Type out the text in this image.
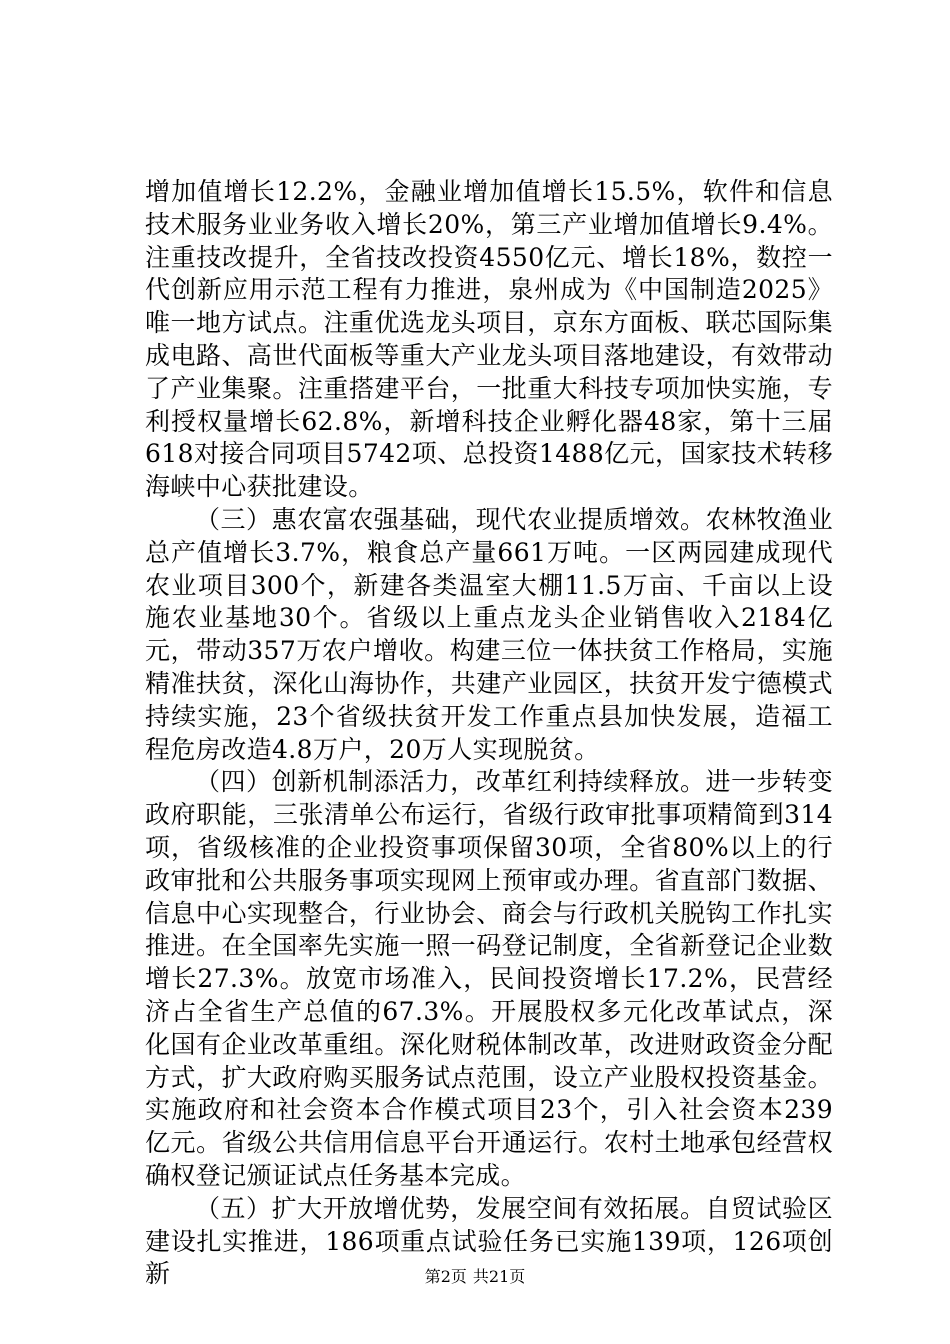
增加值增长12.2%，金融业增加值增长15.5%，软件和信息技术服务业业务收入增长20%，第三产业增加值增长9.4%。注重技改提升，全省技改投资4550亿元、增长18%，数控一代创新应用示范工程有力推进，泉州成为《中国制造2025》唯一地方试点。注重优选龙头项目，京东方面板、联芯国际集成电路、高世代面板等重大产业龙头项目落地建设，有效带动了产业集聚。注重搭建平台，一批重大科技专项加快实施，专利授权量增长62.8%，新增科技企业孵化器48家，第十三届618对接合同项目5742项、总投资1488亿元，国家技术转移海峡中心获批建设。

（三）惠农富农强基础，现代农业提质增效。农林牧渔业总产值增长3.7%，粮食总产量661万吨。一区两园建成现代农业项目300个，新建各类温室大棚11.5万亩、千亩以上设施农业基地30个。省级以上重点龙头企业销售收入2184亿元，带动357万农户增收。构建三位一体扶贫工作格局，实施精准扶贫，深化山海协作，共建产业园区，扶贫开发宁德模式持续实施，23个省级扶贫开发工作重点县加快发展，造福工程危房改造4.8万户，20万人实现脱贫。

（四）创新机制添活力，改革红利持续释放。进一步转变政府职能，三张清单公布运行，省级行政审批事项精简到314项，省级核准的企业投资事项保留30项，全省80%以上的行政审批和公共服务事项实现网上预审或办理。省直部门数据、信息中心实现整合，行业协会、商会与行政机关脱钩工作扎实推进。在全国率先实施一照一码登记制度，全省新登记企业数增长27.3%。放宽市场准入，民间投资增长17.2%，民营经济占全省生产总值的67.3%。开展股权多元化改革试点，深化国有企业改革重组。深化财税体制改革，改进财政资金分配方式，扩大政府购买服务试点范围，设立产业股权投资基金。实施政府和社会资本合作模式项目23个，引入社会资本239亿元。省级公共信用信息平台开通运行。农村土地承包经营权确权登记颁证试点任务基本完成。

（五）扩大开放增优势，发展空间有效拓展。自贸试验区建设扎实推进，186项重点试验任务已实施139项，126项创新	第2页 共21页
